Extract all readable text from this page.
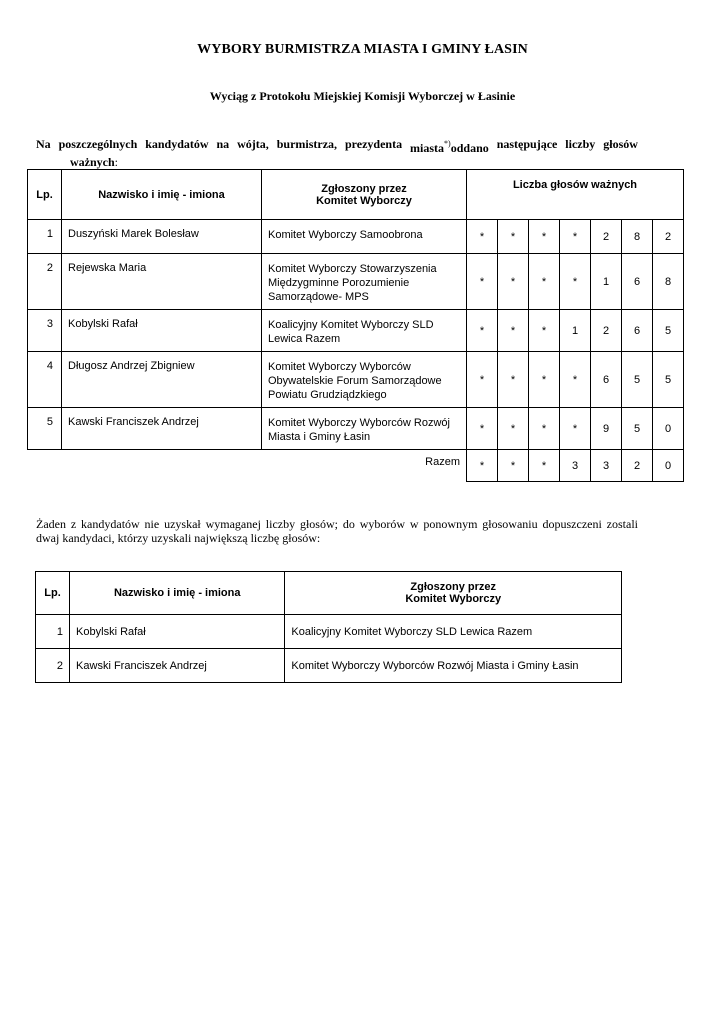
WYBORY BURMISTRZA MIASTA I GMINY ŁASIN
Wyciąg z Protokołu Miejskiej Komisji Wyborczej w Łasinie
Na poszczególnych kandydatów na wójta, burmistrza, prezydenta miasta*)oddano następujące liczby głosów
ważnych:
Lp.	Nazwisko i imię - imiona	Zgłoszony przez
Komitet Wyborczy	Liczba głosów ważnych						
1	Duszyński Marek Bolesław	Komitet Wyborczy Samoobrona	*	*	*	*	2	8	2
2	Rejewska Maria	Komitet Wyborczy Stowarzyszenia
Międzygminne Porozumienie
Samorządowe- MPS	*	*	*	*	1	6	8
3	Kobylski Rafał	Koalicyjny Komitet Wyborczy SLD
Lewica Razem	*	*	*	1	2	6	5
4	Długosz Andrzej Zbigniew	Komitet Wyborczy Wyborców
Obywatelskie Forum Samorządowe
Powiatu Grudziądzkiego	*	*	*	*	6	5	5
5	Kawski Franciszek Andrzej	Komitet Wyborczy Wyborców Rozwój
Miasta i Gminy Łasin	*	*	*	*	9	5	0
Razem			*	*	*	3	3	2	0
Żaden z kandydatów nie uzyskał wymaganej liczby głosów; do wyborów w ponownym głosowaniu dopuszczeni zostali dwaj kandydaci, którzy uzyskali największą liczbę głosów:
Lp.	Nazwisko i imię - imiona	Zgłoszony przez
Komitet Wyborczy

1	Kobylski Rafał	Koalicyjny Komitet Wyborczy SLD Lewica Razem
2	Kawski Franciszek Andrzej	Komitet Wyborczy Wyborców Rozwój Miasta i Gminy Łasin
